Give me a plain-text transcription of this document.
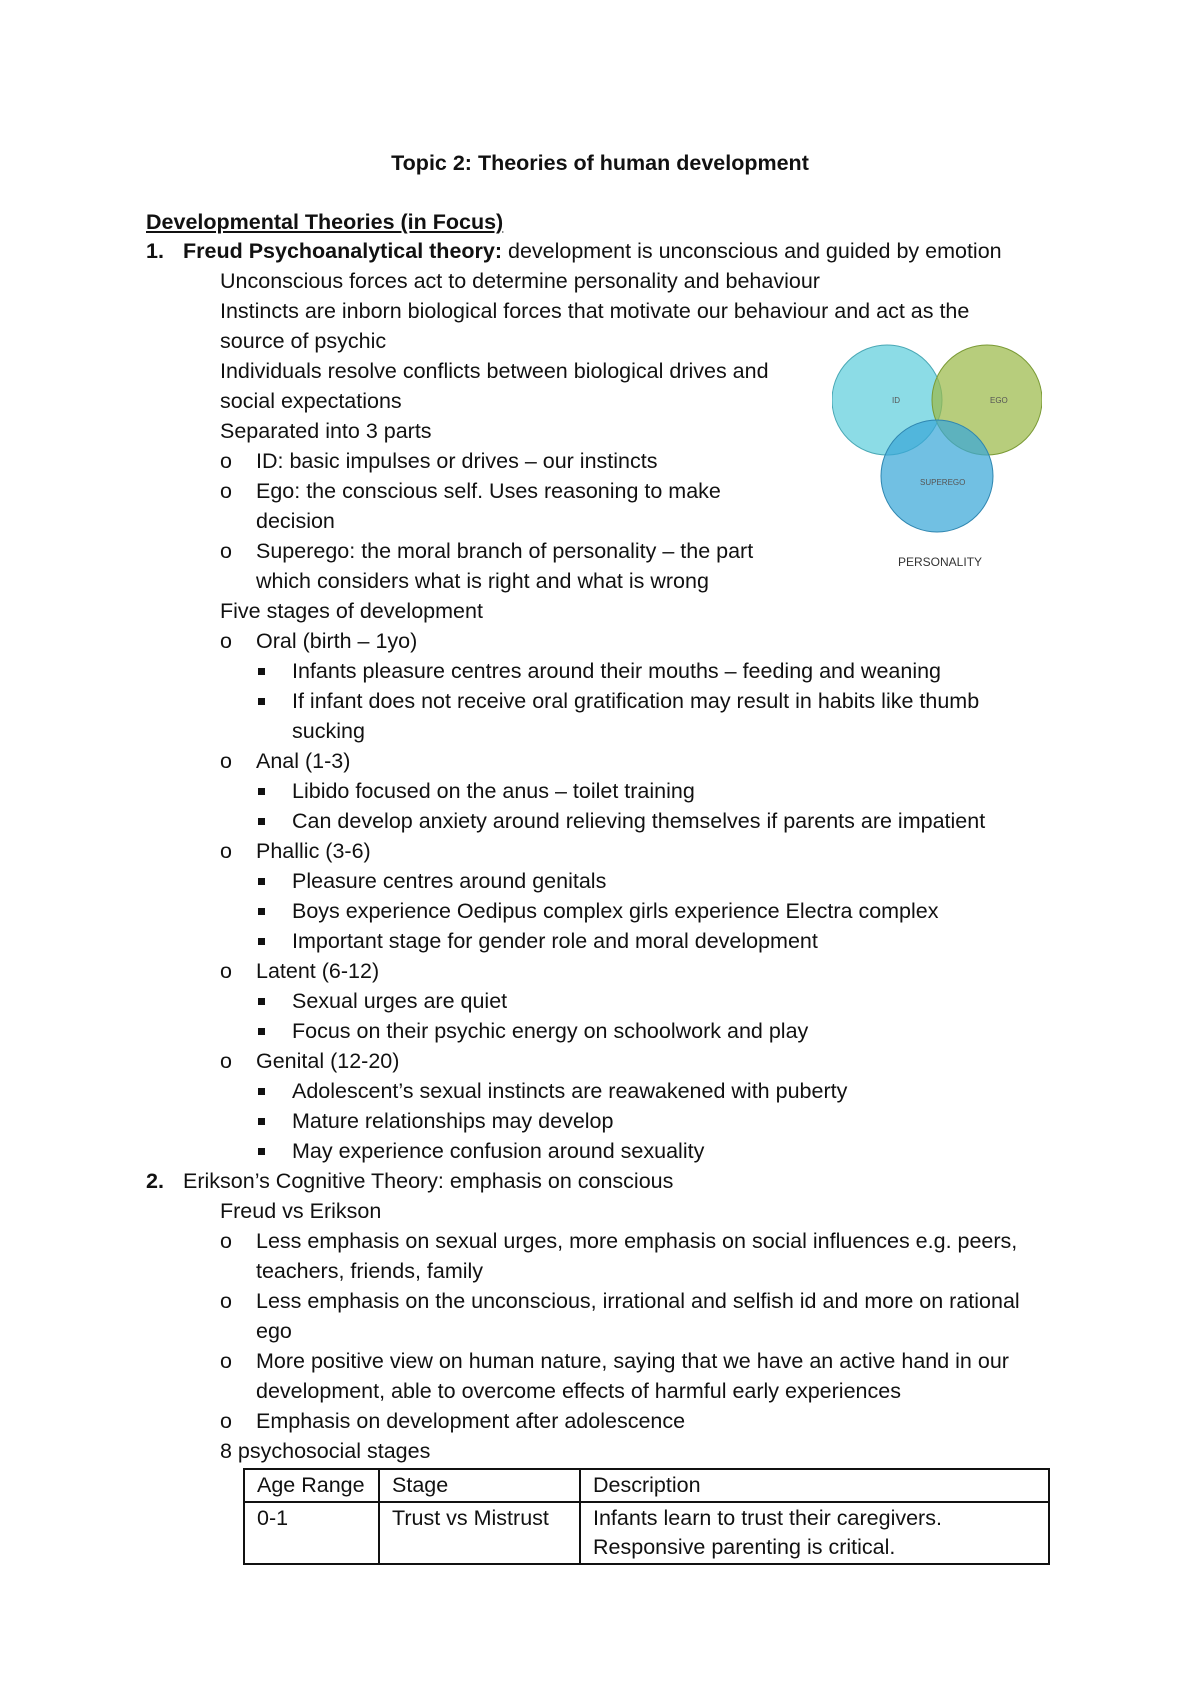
Topic 2: Theories of human development
Developmental Theories (in Focus)
1. Freud Psychoanalytical theory: development is unconscious and guided by emotion
Unconscious forces act to determine personality and behaviour
Instincts are inborn biological forces that motivate our behaviour and act as the
source of psychic
Individuals resolve conflicts between biological drives and
social expectations
Separated into 3 parts
o ID: basic impulses or drives – our instincts
o Ego: the conscious self. Uses reasoning to make
decision
o Superego: the moral branch of personality – the part
which considers what is right and what is wrong
Five stages of development
o Oral (birth – 1yo)
Infants pleasure centres around their mouths – feeding and weaning
If infant does not receive oral gratification may result in habits like thumb
sucking
o Anal (1-3)
Libido focused on the anus – toilet training
Can develop anxiety around relieving themselves if parents are impatient
o Phallic (3-6)
Pleasure centres around genitals
Boys experience Oedipus complex girls experience Electra complex
Important stage for gender role and moral development
o Latent (6-12)
Sexual urges are quiet
Focus on their psychic energy on schoolwork and play
o Genital (12-20)
Adolescent’s sexual instincts are reawakened with puberty
Mature relationships may develop
May experience confusion around sexuality
2. Erikson’s Cognitive Theory: emphasis on conscious
Freud vs Erikson
o Less emphasis on sexual urges, more emphasis on social influences e.g. peers,
teachers, friends, family
o Less emphasis on the unconscious, irrational and selfish id and more on rational
ego
o More positive view on human nature, saying that we have an active hand in our
development, able to overcome effects of harmful early experiences
o Emphasis on development after adolescence
8 psychosocial stages
Age Range	Stage	Description
0-1	Trust vs Mistrust	Infants learn to trust their caregivers.
Responsive parenting is critical.
ID	EGO
SUPEREGO
PERSONALITY
